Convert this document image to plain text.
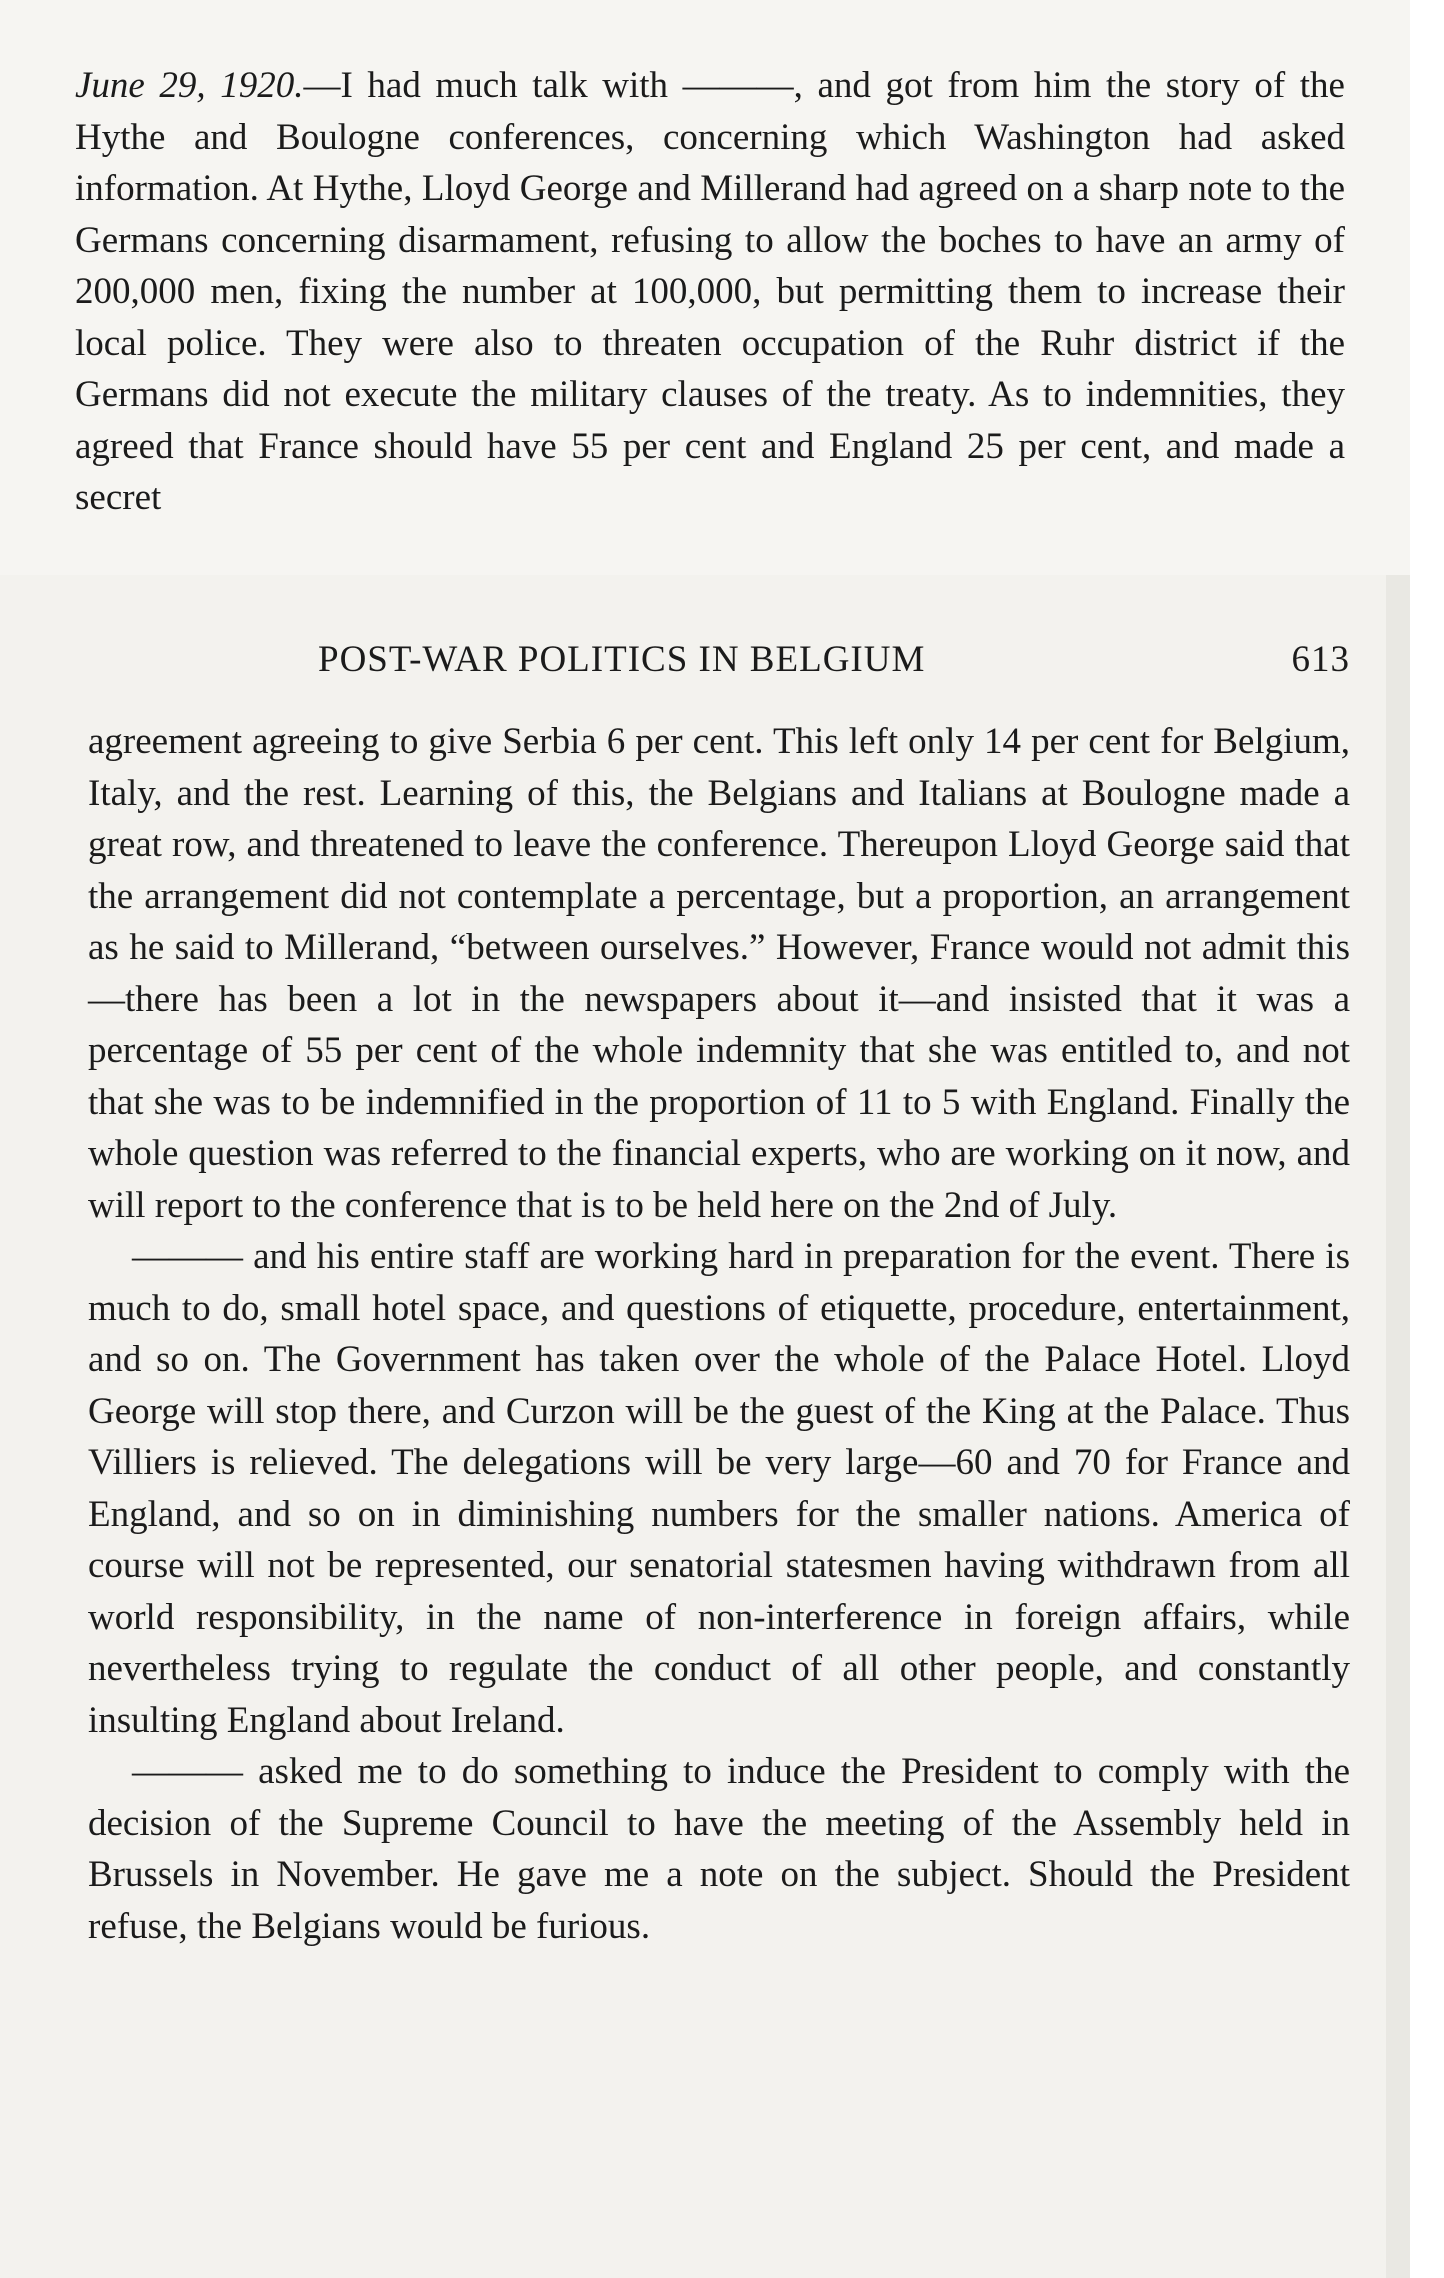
June 29, 1920.—I had much talk with ———, and got from him the story of the Hythe and Boulogne conferences, concerning which Washington had asked information. At Hythe, Lloyd George and Millerand had agreed on a sharp note to the Germans concerning disarmament, refusing to allow the boches to have an army of 200,000 men, fixing the number at 100,000, but permitting them to increase their local police. They were also to threaten occupation of the Ruhr district if the Germans did not execute the military clauses of the treaty. As to indemnities, they agreed that France should have 55 per cent and England 25 per cent, and made a secret
POST-WAR POLITICS IN BELGIUM	613
agreement agreeing to give Serbia 6 per cent. This left only 14 per cent for Belgium, Italy, and the rest. Learning of this, the Belgians and Italians at Boulogne made a great row, and threatened to leave the conference. Thereupon Lloyd George said that the arrangement did not contemplate a percentage, but a proportion, an arrangement as he said to Millerand, “between ourselves.” However, France would not admit this—there has been a lot in the newspapers about it—and insisted that it was a percentage of 55 per cent of the whole indemnity that she was entitled to, and not that she was to be indemnified in the proportion of 11 to 5 with England. Finally the whole question was referred to the financial experts, who are working on it now, and will report to the conference that is to be held here on the 2nd of July.
——— and his entire staff are working hard in preparation for the event. There is much to do, small hotel space, and questions of etiquette, procedure, entertainment, and so on. The Government has taken over the whole of the Palace Hotel. Lloyd George will stop there, and Curzon will be the guest of the King at the Palace. Thus Villiers is relieved. The delegations will be very large—60 and 70 for France and England, and so on in diminishing numbers for the smaller nations. America of course will not be represented, our senatorial statesmen having withdrawn from all world responsibility, in the name of non-interference in foreign affairs, while nevertheless trying to regulate the conduct of all other people, and constantly insulting England about Ireland.
——— asked me to do something to induce the President to comply with the decision of the Supreme Council to have the meeting of the Assembly held in Brussels in November. He gave me a note on the subject. Should the President refuse, the Belgians would be furious.
